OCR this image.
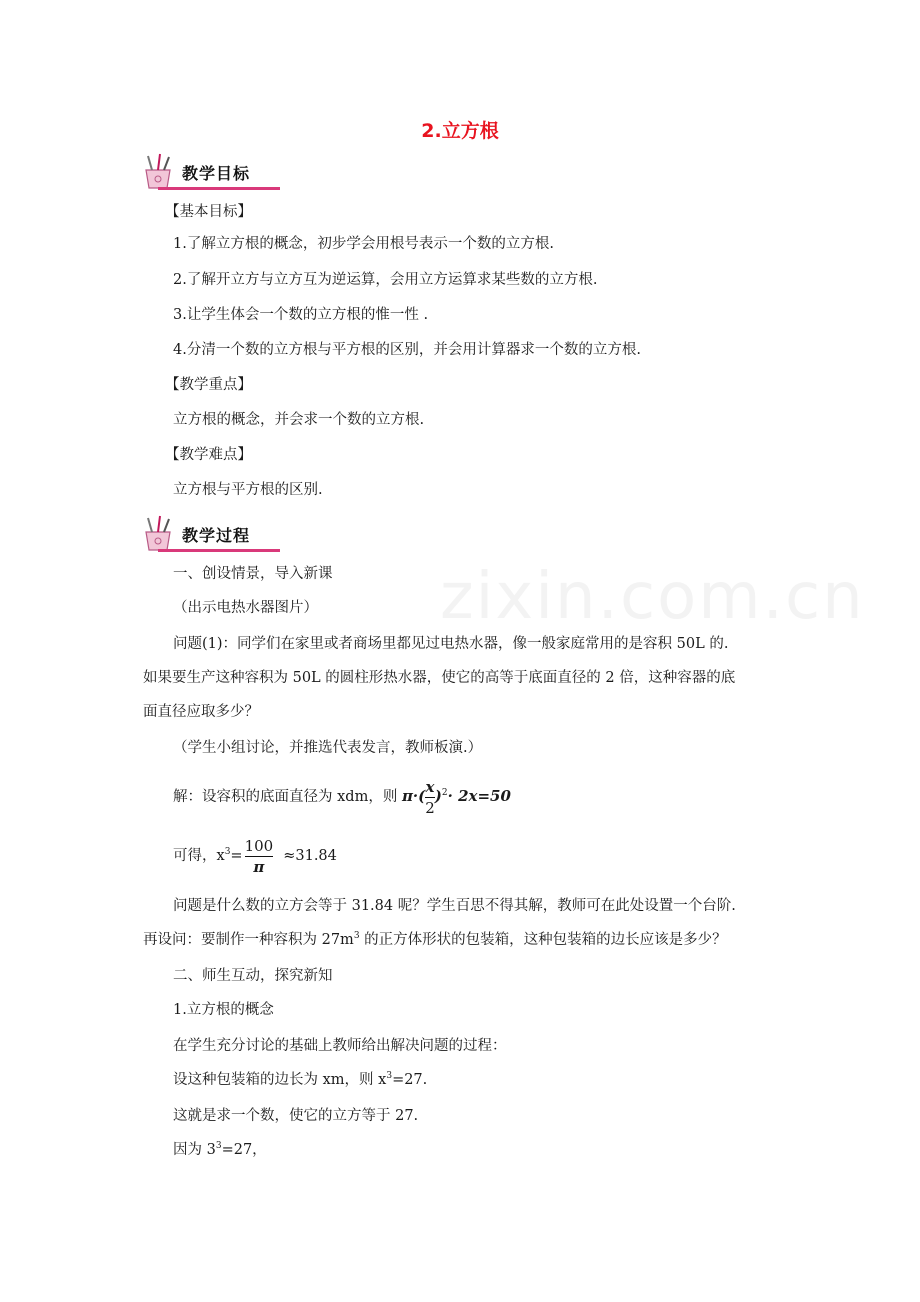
zixin.com.cn
2.立方根
教学目标
【基本目标】
1.了解立方根的概念，初步学会用根号表示一个数的立方根.
2.了解开立方与立方互为逆运算，会用立方运算求某些数的立方根.
3.让学生体会一个数的立方根的惟一性 .
4.分清一个数的立方根与平方根的区别，并会用计算器求一个数的立方根.
【教学重点】
立方根的概念，并会求一个数的立方根.
【教学难点】
立方根与平方根的区别.
教学过程
一、创设情景，导入新课
（出示电热水器图片）
问题(1)：同学们在家里或者商场里都见过电热水器，像一般家庭常用的是容积 50L 的.
如果要生产这种容积为 50L 的圆柱形热水器，使它的高等于底面直径的 2 倍，这种容器的底
面直径应取多少？
（学生小组讨论，并推选代表发言，教师板演.）
解：设容积的底面直径为 xdm，则 $\pi\cdot( \frac{x}{2} )^2\cdot 2x=50$
可得，$x^3= \frac{100}{\pi} \approx 31.84$
问题是什么数的立方会等于 31.84 呢？学生百思不得其解，教师可在此处设置一个台阶.
再设问：要制作一种容积为 $27m^3$ 的正方体形状的包装箱，这种包装箱的边长应该是多少？
二、师生互动，探究新知
1.立方根的概念
在学生充分讨论的基础上教师给出解决问题的过程：
设这种包装箱的边长为 xm，则 $x^3=27$.
这就是求一个数，使它的立方等于 27.
因为 $3^3=27$，
